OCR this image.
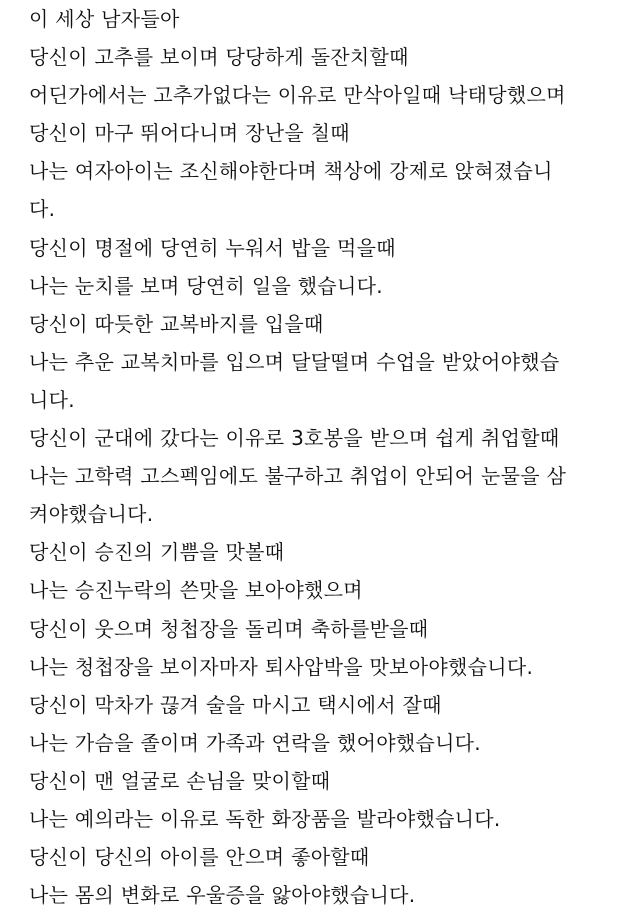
이 세상 남자들아
당신이 고추를 보이며 당당하게 돌잔치할때
어딘가에서는 고추가없다는 이유로 만삭아일때 낙태당했으며
당신이 마구 뛰어다니며 장난을 칠때
나는 여자아이는 조신해야한다며 책상에 강제로 앉혀졌습니
다.
당신이 명절에 당연히 누워서 밥을 먹을때
나는 눈치를 보며 당연히 일을 했습니다.
당신이 따듯한 교복바지를 입을때
나는 추운 교복치마를 입으며 달달떨며 수업을 받았어야했습
니다.
당신이 군대에 갔다는 이유로 3호봉을 받으며 쉽게 취업할때
나는 고학력 고스펙임에도 불구하고 취업이 안되어 눈물을 삼
켜야했습니다.
당신이 승진의 기쁨을 맛볼때
나는 승진누락의 쓴맛을 보아야했으며
당신이 웃으며 청첩장을 돌리며 축하를받을때
나는 청첩장을 보이자마자 퇴사압박을 맛보아야했습니다.
당신이 막차가 끊겨 술을 마시고 택시에서 잘때
나는 가슴을 졸이며 가족과 연락을 했어야했습니다.
당신이 맨 얼굴로 손님을 맞이할때
나는 예의라는 이유로 독한 화장품을 발라야했습니다.
당신이 당신의 아이를 안으며 좋아할때
나는 몸의 변화로 우울증을 앓아야했습니다.
